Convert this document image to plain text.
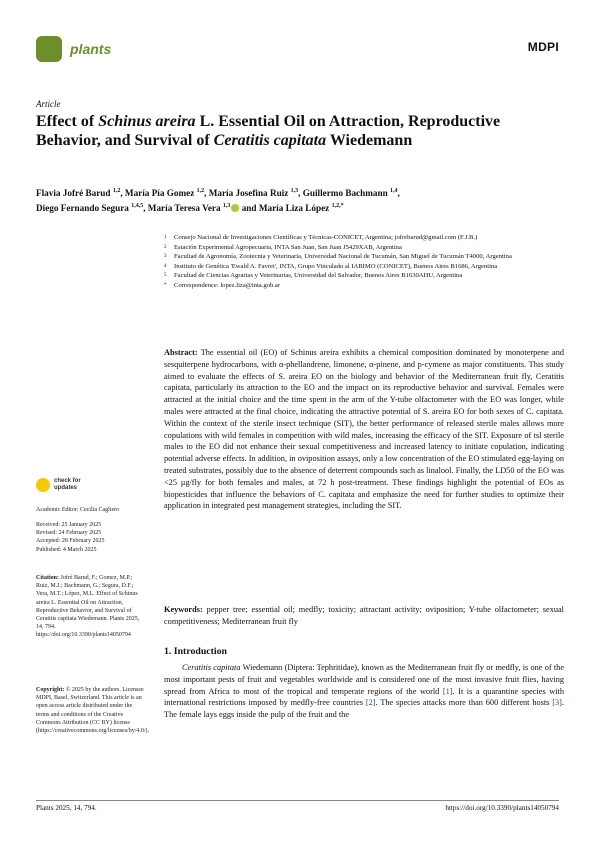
plants	MDPI
Article
Effect of Schinus areira L. Essential Oil on Attraction, Reproductive Behavior, and Survival of Ceratitis capitata Wiedemann
Flavia Jofré Barud $^{1,2}$, María Pía Gomez $^{1,2}$, María Josefina Ruiz $^{1,3}$, Guillermo Bachmann $^{1,4}$,
Diego Fernando Segura $^{1,4,5}$, María Teresa Vera $^{1,3}$ and María Liza López $^{1,2,*}$
1	Consejo Nacional de Investigaciones Científicas y Técnicas-CONICET, Argentina; jofrebarud@gmail.com (F.J.B.)
2	Estación Experimental Agropecuaria, INTA San Juan, San Juan J5429XAB, Argentina
3	Facultad de Agronomía, Zootecnia y Veterinaria, Universidad Nacional de Tucumán, San Miguel de Tucumán T4000, Argentina
4	Instituto de Genética 'Ewald A. Favret', INTA, Grupo Vinculado al IABIMO (CONICET), Buenos Aires B1686, Argentina
5	Facultad de Ciencias Agrarias y Veterinarias, Universidad del Salvador, Buenos Aires B1630AHU, Argentina
*	Correspondence: lopez.liza@inta.gob.ar
Abstract: The essential oil (EO) of Schinus areira exhibits a chemical composition dominated by monoterpene and sesquiterpene hydrocarbons, with α-phellandrene, limonene, α-pinene, and p-cymene as major constituents. This study aimed to evaluate the effects of S. areira EO on the biology and behavior of the Mediterranean fruit fly, Ceratitis capitata, particularly its attraction to the EO and the impact on its reproductive behavior and survival. Females were attracted at the initial choice and the time spent in the arm of the Y-tube olfactometer with the EO was longer, while males were attracted at the final choice, indicating the attractive potential of S. areira EO for both sexes of C. capitata. Within the context of the sterile insect technique (SIT), the better performance of released sterile males allows more copulations with wild females in competition with wild males, increasing the efficacy of the SIT. Exposure of tsl sterile males to the EO did not enhance their sexual competitiveness and increased latency to initiate copulation, indicating potential adverse effects. In addition, in oviposition assays, only a low concentration of the EO stimulated egg-laying on treated substrates, possibly due to the absence of deterrent compounds such as linalool. Finally, the LD50 of the EO was <25 μg/fly for both females and males, at 72 h post-treatment. These findings highlight the potential of EOs as biopesticides that influence the behaviors of C. capitata and emphasize the need for further studies to optimize their application in integrated pest management strategies, including the SIT.
Keywords: pepper tree; essential oil; medfly; toxicity; attractant activity; oviposition; Y-tube olfactometer; sexual competitiveness; Mediterranean fruit fly
check for
updates
Academic Editor: Cecilia Cagliero
Received: 25 January 2025
Revised: 24 February 2025
Accepted: 28 February 2025
Published: 4 March 2025
Citation: Jofré Barud, F.; Gomez, M.P.; Ruiz, M.J.; Bachmann, G.; Segura, D.F.; Vera, M.T.; López, M.L. Effect of Schinus areira L. Essential Oil on Attraction, Reproductive Behavior, and Survival of Ceratitis capitata Wiedemann. Plants 2025, 14, 794. https://doi.org/10.3390/plants14050794
Copyright: © 2025 by the authors. Licensee MDPI, Basel, Switzerland. This article is an open access article distributed under the terms and conditions of the Creative Commons Attribution (CC BY) license (https://creativecommons.org/licenses/by/4.0/).
1. Introduction
Ceratitis capitata Wiedemann (Diptera: Tephritidae), known as the Mediterranean fruit fly or medfly, is one of the most important pests of fruit and vegetables worldwide and is considered one of the most invasive fruit flies, having spread from Africa to most of the tropical and temperate regions of the world [1]. It is a quarantine species with international restrictions imposed by medfly-free countries [2]. The species attacks more than 600 different hosts [3]. The female lays eggs inside the pulp of the fruit and the
Plants 2025, 14, 794.	https://doi.org/10.3390/plants14050794
